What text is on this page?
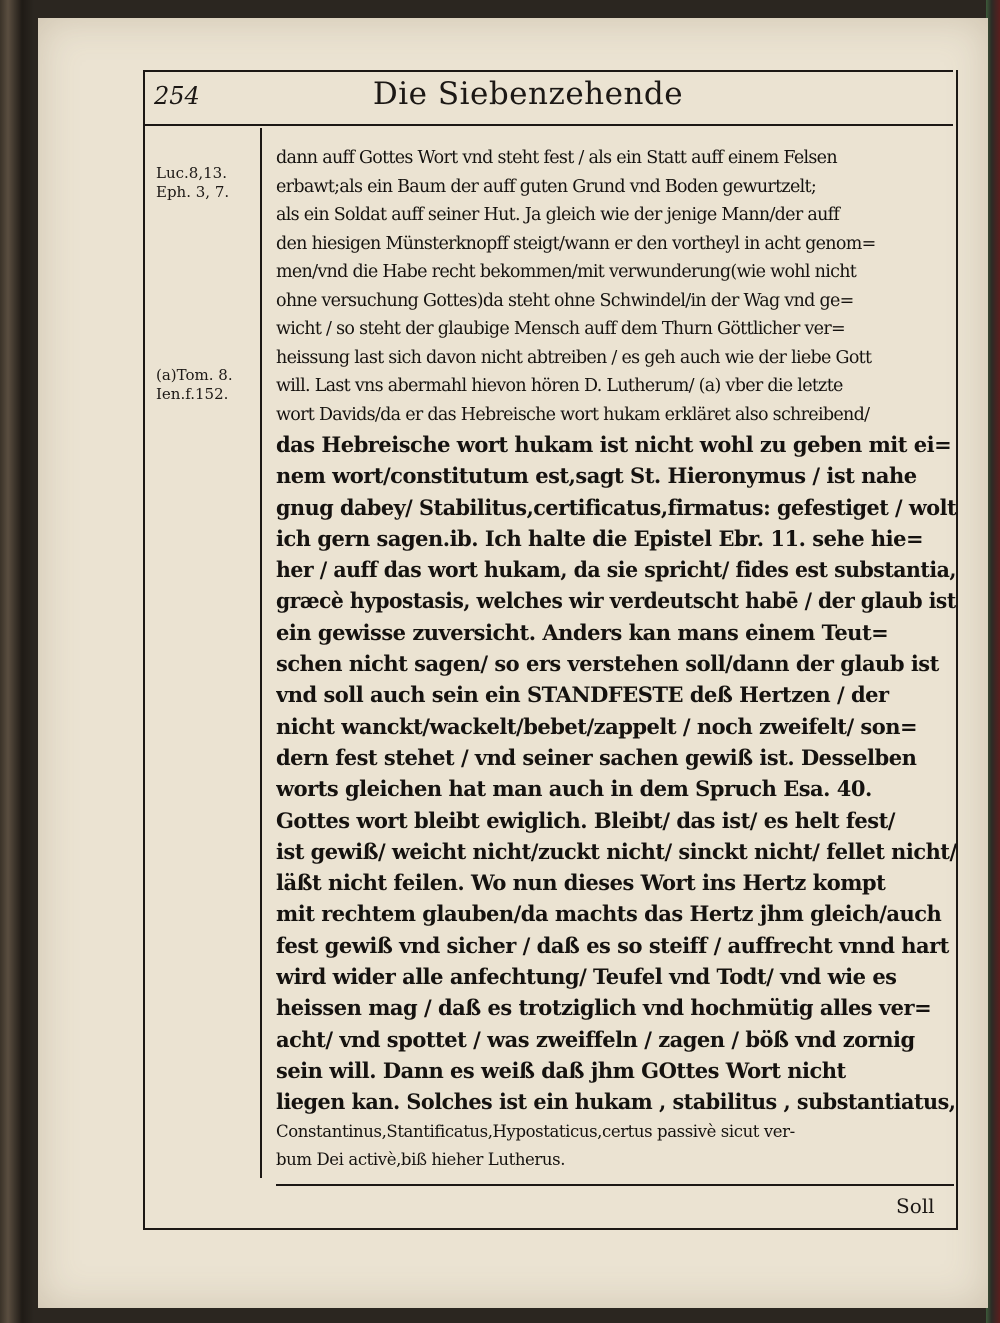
254	Die Siebenzehende
Luc.8,13.
Eph. 3, 7.
(a)Tom. 8.
Ien.f.152.
dann auff Gottes Wort vnd steht fest / als ein Statt auff einem Felsen
erbawt;als ein Baum der auff guten Grund vnd Boden gewurtzelt;
als ein Soldat auff seiner Hut. Ja gleich wie der jenige Mann/der auff
den hiesigen Münsterknopff steigt/wann er den vortheyl in acht genom=
men/vnd die Habe recht bekommen/mit verwunderung(wie wohl nicht
ohne versuchung Gottes)da steht ohne Schwindel/in der Wag vnd ge=
wicht / so steht der glaubige Mensch auff dem Thurn Göttlicher ver=
heissung last sich davon nicht abtreiben / es geh auch wie der liebe Gott
will. Last vns abermahl hievon hören D. Lutherum/ (a) vber die letzte
wort Davids/da er das Hebreische wort hukam erkläret also schreibend/
das Hebreische wort hukam ist nicht wohl zu geben mit ei=
nem wort/constitutum est,sagt St. Hieronymus / ist nahe
gnug dabey/ Stabilitus,certificatus,firmatus: gefestiget / wolt
ich gern sagen.ib. Ich halte die Epistel Ebr. 11. sehe hie=
her / auff das wort hukam, da sie spricht/ fides est substantia,
græcè hypostasis, welches wir verdeutscht habē / der glaub ist
ein gewisse zuversicht. Anders kan mans einem Teut=
schen nicht sagen/ so ers verstehen soll/dann der glaub ist
vnd soll auch sein ein STANDFESTE deß Hertzen / der
nicht wanckt/wackelt/bebet/zappelt / noch zweifelt/ son=
dern fest stehet / vnd seiner sachen gewiß ist. Desselben
worts gleichen hat man auch in dem Spruch Esa. 40.
Gottes wort bleibt ewiglich. Bleibt/ das ist/ es helt fest/
ist gewiß/ weicht nicht/zuckt nicht/ sinckt nicht/ fellet nicht/
läßt nicht feilen. Wo nun dieses Wort ins Hertz kompt
mit rechtem glauben/da machts das Hertz jhm gleich/auch
fest gewiß vnd sicher / daß es so steiff / auffrecht vnnd hart
wird wider alle anfechtung/ Teufel vnd Todt/ vnd wie es
heissen mag / daß es trotziglich vnd hochmütig alles ver=
acht/ vnd spottet / was zweiffeln / zagen / böß vnd zornig
sein will. Dann es weiß daß jhm GOttes Wort nicht
liegen kan. Solches ist ein hukam , stabilitus , substantiatus,
Constantinus,Stantificatus,Hypostaticus,certus passivè sicut ver-
bum Dei activè,biß hieher Lutherus.
Soll
